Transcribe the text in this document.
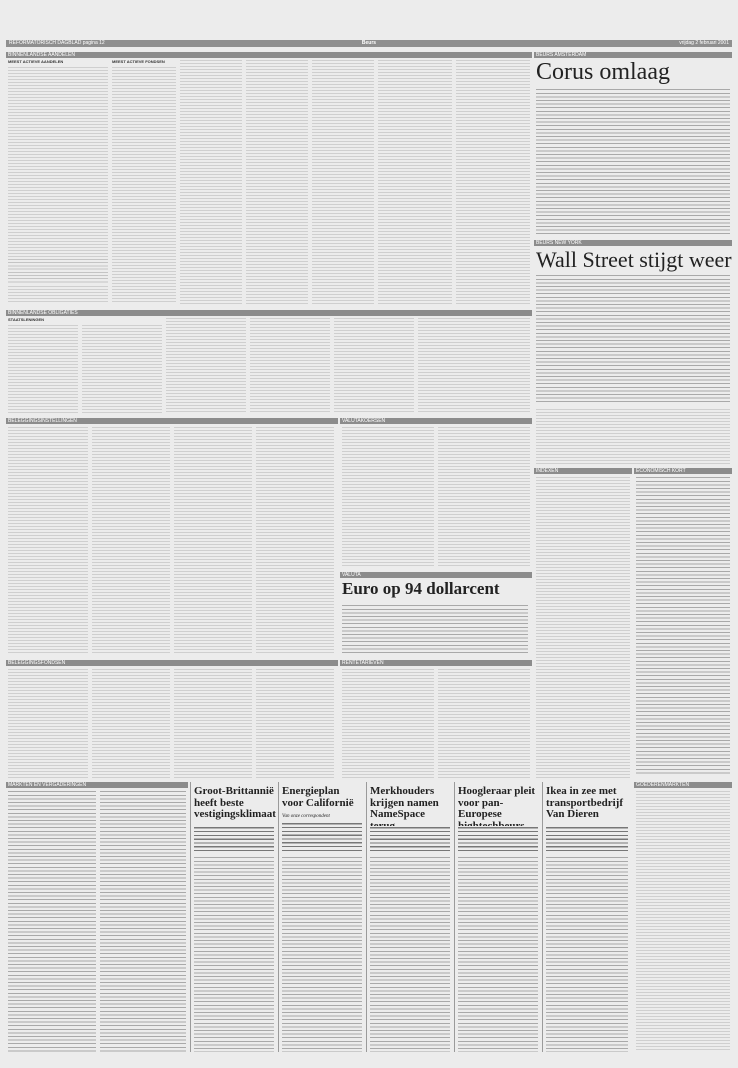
REFORMATORISCH DAGBLAD pagina 12	Beurs	vrijdag 2 februari 2001
BINNENLANDSE AANDELEN
MEEST ACTIEVE AANDELEN	MEEST ACTIEVE FONDSEN
BINNENLANDSE OBLIGATIES
STAATSLENINGEN
BELEGGINGSINSTELLINGEN	VALUTAKOERSEN
VALUTA
Euro op 94 dollarcent
BELEGGINGSFONDSEN	RENTETARIEVEN
MARKTEN EN VERGADERINGEN	Groot-Brittannië heeft beste vestigingsklimaat
Energieplan voor Californië
Van onze correspondent
Merkhouders krijgen namen NameSpace
Hoogleraar pleit voor pan-Europese
Ikea in zee met transportbedrijf Van Dieren
BEURS AMSTERDAM
Corus omlaag
BEURS NEW YORK
Wall Street stijgt weer
INDEXEN	ECONOMISCH KORT
GOEDERENMARKTEN
